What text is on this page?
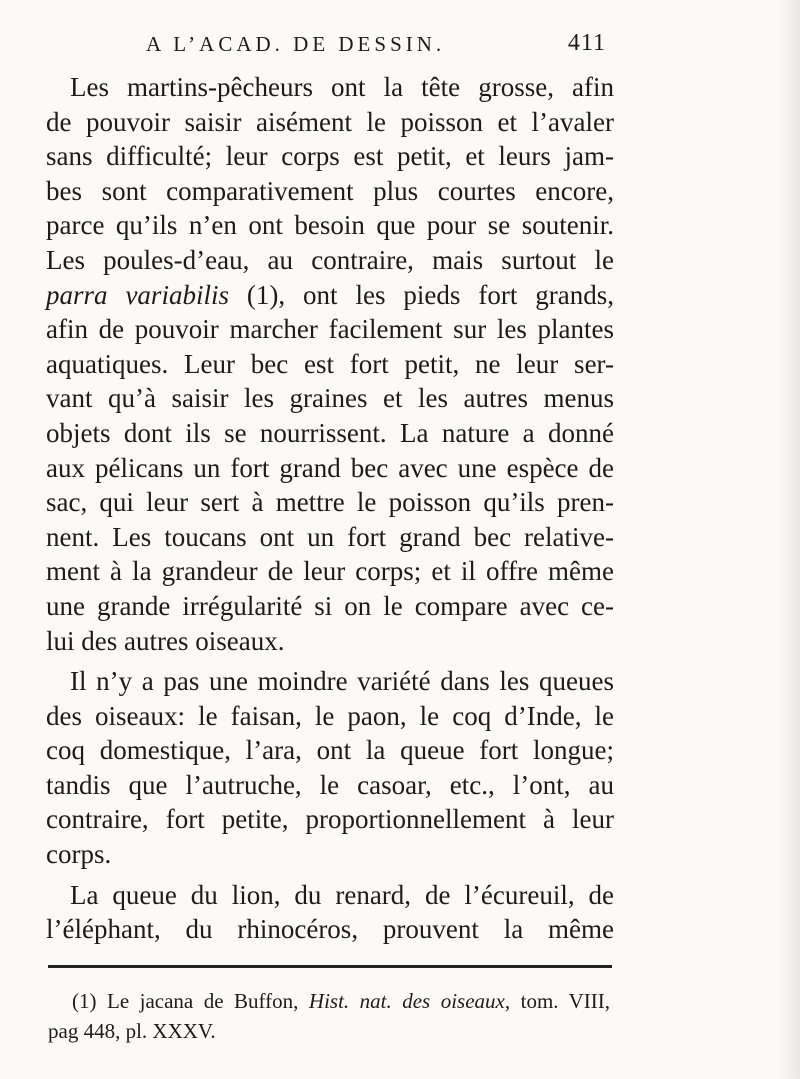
A L’ACAD. DE DESSIN.	411
Les martins-pêcheurs ont la tête grosse, afin
de pouvoir saisir aisément le poisson et l’avaler
sans difficulté; leur corps est petit, et leurs jam-
bes sont comparativement plus courtes encore,
parce qu’ils n’en ont besoin que pour se soutenir.
Les poules-d’eau, au contraire, mais surtout le
parra variabilis (1), ont les pieds fort grands,
afin de pouvoir marcher facilement sur les plantes
aquatiques. Leur bec est fort petit, ne leur ser-
vant qu’à saisir les graines et les autres menus
objets dont ils se nourrissent. La nature a donné
aux pélicans un fort grand bec avec une espèce de
sac, qui leur sert à mettre le poisson qu’ils pren-
nent. Les toucans ont un fort grand bec relative-
ment à la grandeur de leur corps; et il offre même
une grande irrégularité si on le compare avec ce-
lui des autres oiseaux.
Il n’y a pas une moindre variété dans les queues
des oiseaux: le faisan, le paon, le coq d’Inde, le
coq domestique, l’ara, ont la queue fort longue;
tandis que l’autruche, le casoar, etc., l’ont, au
contraire, fort petite, proportionnellement à leur
corps.
La queue du lion, du renard, de l’écureuil, de
l’éléphant, du rhinocéros, prouvent la même
(1) Le jacana de Buffon, Hist. nat. des oiseaux, tom. VIII,
pag 448, pl. XXXV.
